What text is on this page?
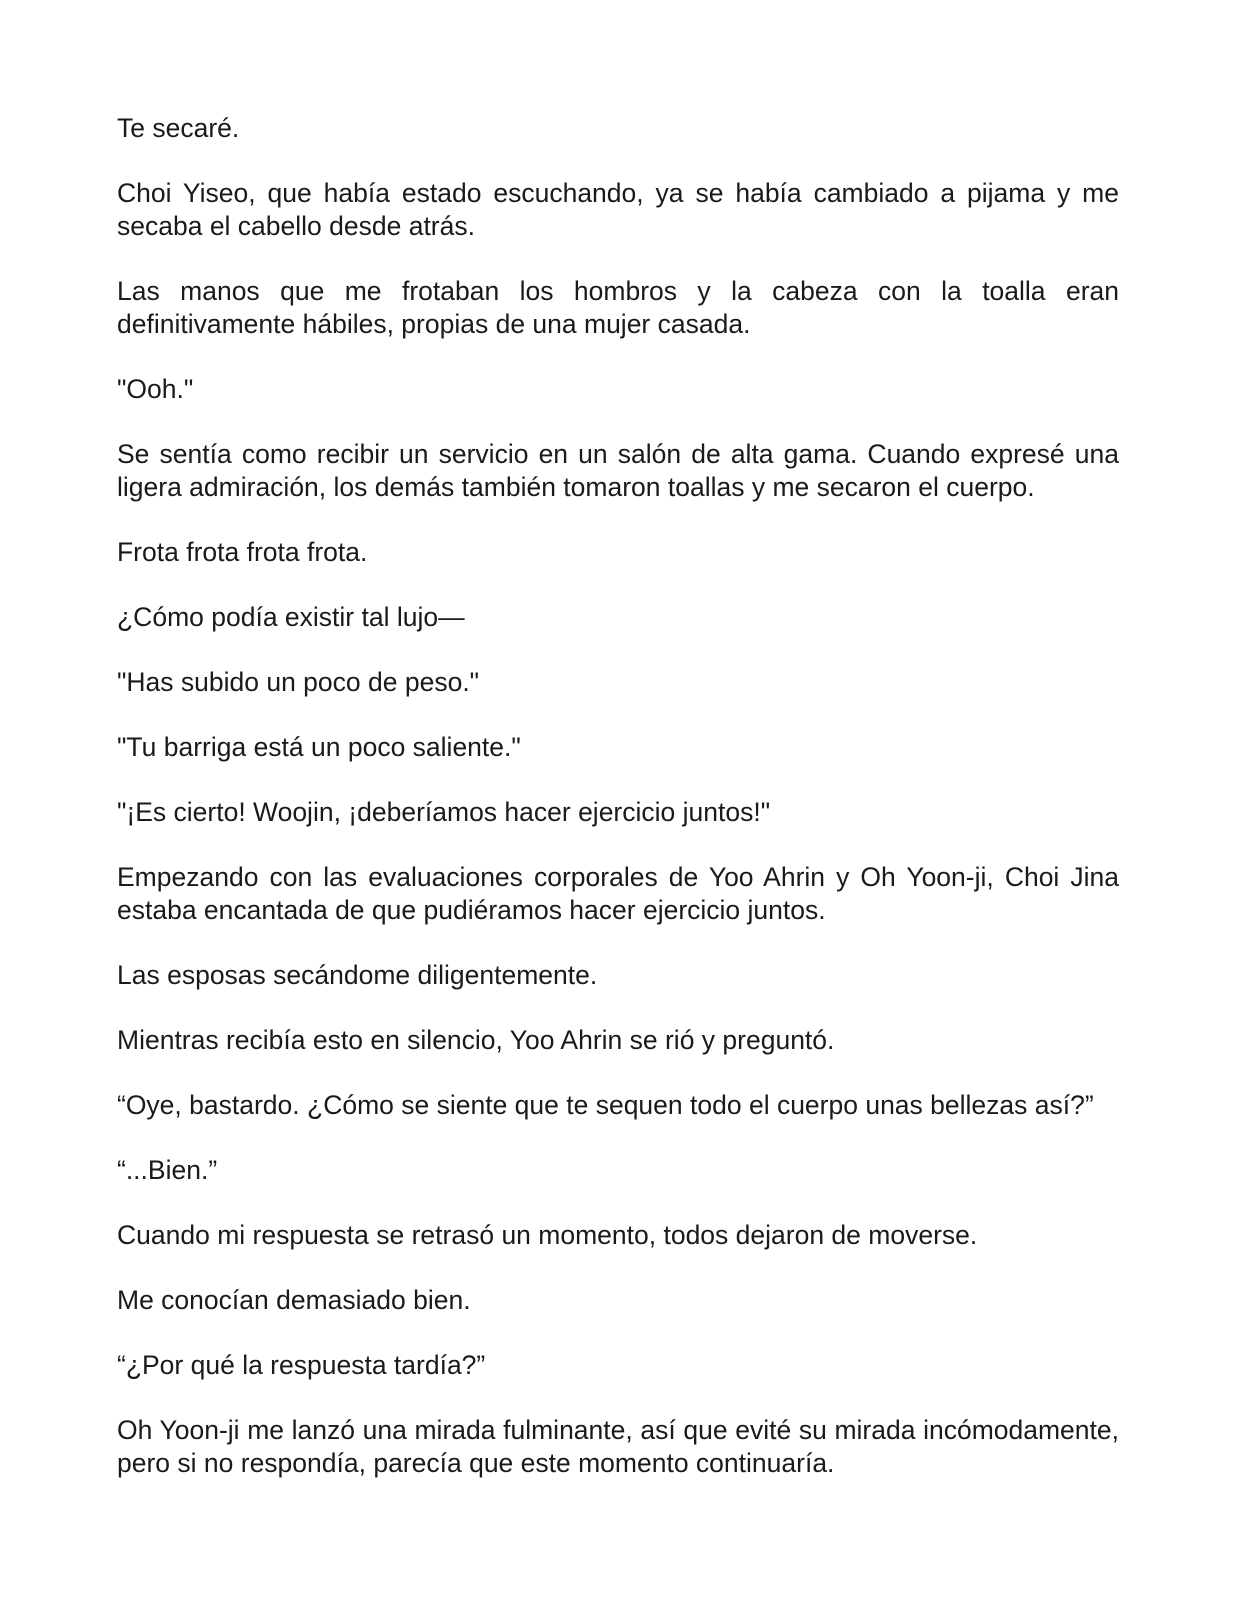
Te secaré.

Choi Yiseo, que había estado escuchando, ya se había cambiado a pijama y me secaba el cabello desde atrás.

Las manos que me frotaban los hombros y la cabeza con la toalla eran definitivamente hábiles, propias de una mujer casada.

"Ooh."

Se sentía como recibir un servicio en un salón de alta gama. Cuando expresé una ligera admiración, los demás también tomaron toallas y me secaron el cuerpo.

Frota frota frota frota.

¿Cómo podía existir tal lujo—

"Has subido un poco de peso."

"Tu barriga está un poco saliente."

"¡Es cierto! Woojin, ¡deberíamos hacer ejercicio juntos!"

Empezando con las evaluaciones corporales de Yoo Ahrin y Oh Yoon-ji, Choi Jina estaba encantada de que pudiéramos hacer ejercicio juntos.

Las esposas secándome diligentemente.

Mientras recibía esto en silencio, Yoo Ahrin se rió y preguntó.

“Oye, bastardo. ¿Cómo se siente que te sequen todo el cuerpo unas bellezas así?”

“...Bien.”

Cuando mi respuesta se retrasó un momento, todos dejaron de moverse.

Me conocían demasiado bien.

“¿Por qué la respuesta tardía?”

Oh Yoon-ji me lanzó una mirada fulminante, así que evité su mirada incómodamente, pero si no respondía, parecía que este momento continuaría.
